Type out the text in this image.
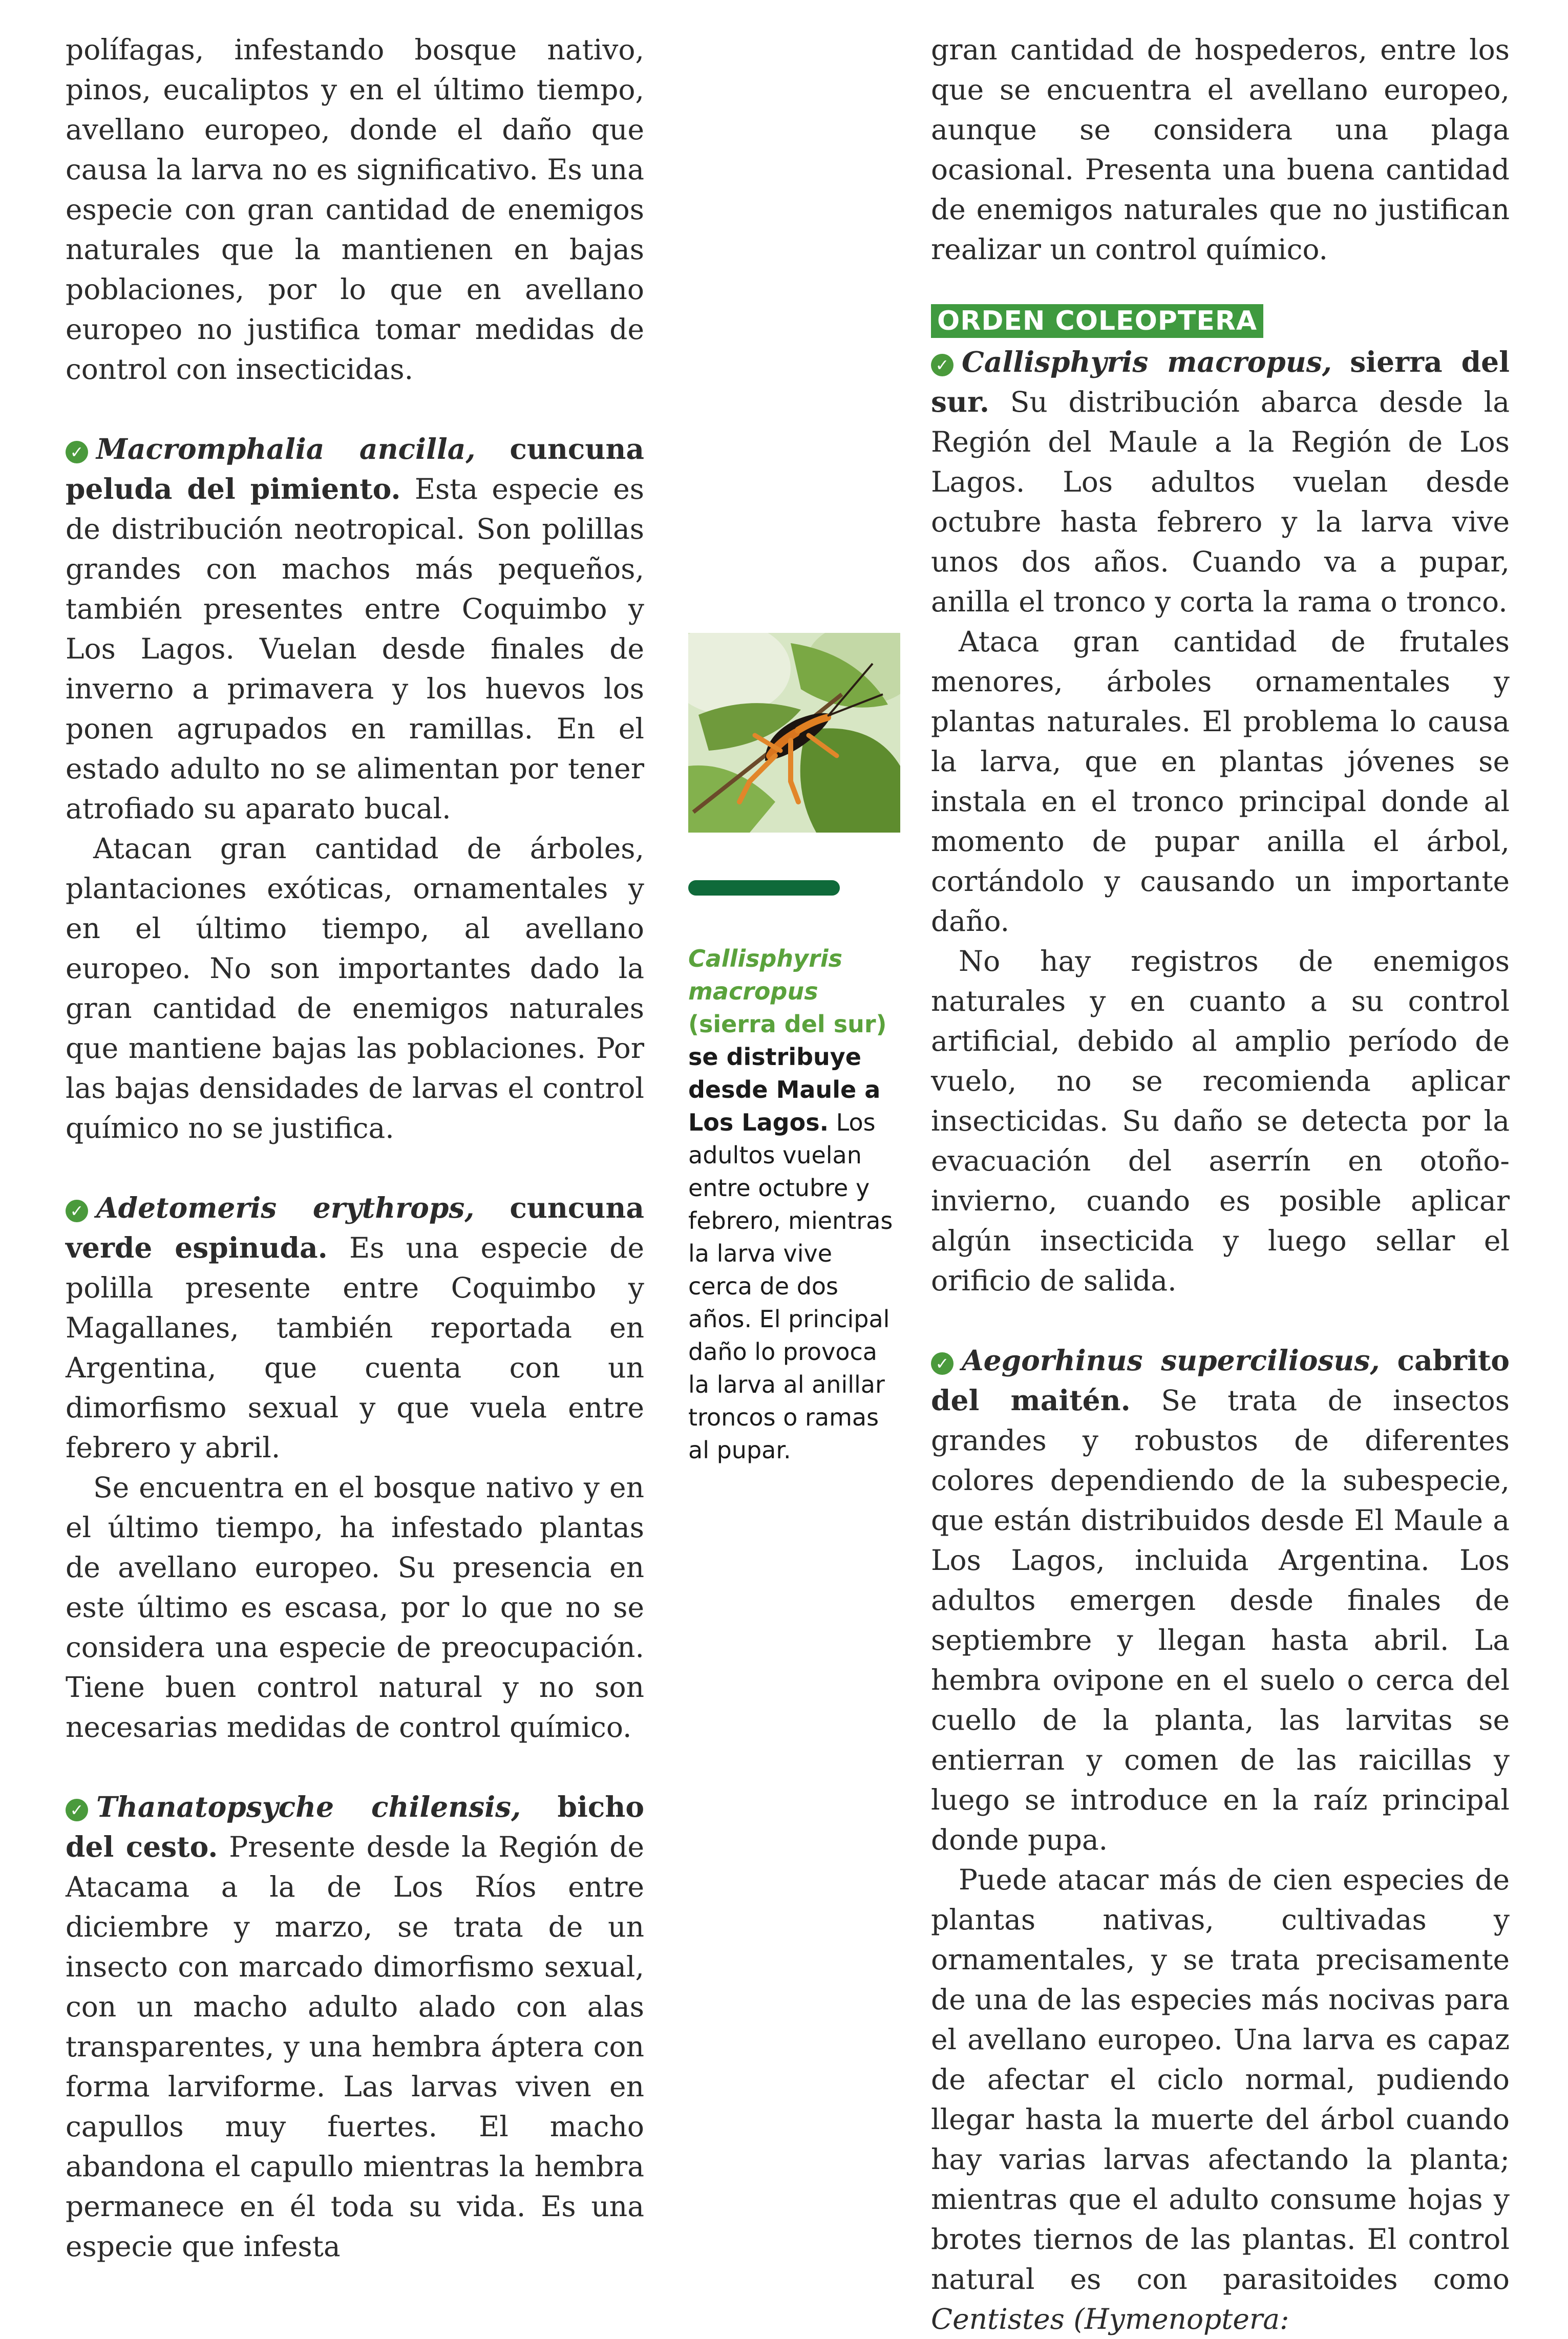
polífagas, infestando bosque nativo, pinos, eucaliptos y en el último tiempo, avellano europeo, donde el daño que causa la larva no es significativo. Es una especie con gran cantidad de enemigos naturales que la mantienen en bajas poblaciones, por lo que en avellano europeo no justifica tomar medidas de control con insecticidas.

✓ Macromphalia ancilla, cuncuna peluda del pimiento. Esta especie es de distribución neotropical. Son polillas grandes con machos más pequeños, también presentes entre Coquimbo y Los Lagos. Vuelan desde finales de inverno a primavera y los huevos los ponen agrupados en ramillas. En el estado adulto no se alimentan por tener atrofiado su aparato bucal.

Atacan gran cantidad de árboles, plantaciones exóticas, ornamentales y en el último tiempo, al avellano europeo. No son importantes dado la gran cantidad de enemigos naturales que mantiene bajas las poblaciones. Por las bajas densidades de larvas el control químico no se justifica.

✓ Adetomeris erythrops, cuncuna verde espinuda. Es una especie de polilla presente entre Coquimbo y Magallanes, también reportada en Argentina, que cuenta con un dimorfismo sexual y que vuela entre febrero y abril.

Se encuentra en el bosque nativo y en el último tiempo, ha infestado plantas de avellano europeo. Su presencia en este último es escasa, por lo que no se considera una especie de preocupación. Tiene buen control natural y no son necesarias medidas de control químico.

✓ Thanatopsyche chilensis, bicho del cesto. Presente desde la Región de Atacama a la de Los Ríos entre diciembre y marzo, se trata de un insecto con marcado dimorfismo sexual, con un macho adulto alado con alas transparentes, y una hembra áptera con forma larviforme. Las larvas viven en capullos muy fuertes. El macho abandona el capullo mientras la hembra permanece en él toda su vida. Es una especie que infesta

Callisphyris macropus (sierra del sur) se distribuye desde Maule a Los Lagos. Los adultos vuelan entre octubre y febrero, mientras la larva vive cerca de dos años. El principal daño lo provoca la larva al anillar troncos o ramas al pupar.

gran cantidad de hospederos, entre los que se encuentra el avellano europeo, aunque se considera una plaga ocasional. Presenta una buena cantidad de enemigos naturales que no justifican realizar un control químico.

ORDEN COLEOPTERA

✓ Callisphyris macropus, sierra del sur. Su distribución abarca desde la Región del Maule a la Región de Los Lagos. Los adultos vuelan desde octubre hasta febrero y la larva vive unos dos años. Cuando va a pupar, anilla el tronco y corta la rama o tronco.

Ataca gran cantidad de frutales menores, árboles ornamentales y plantas naturales. El problema lo causa la larva, que en plantas jóvenes se instala en el tronco principal donde al momento de pupar anilla el árbol, cortándolo y causando un importante daño.

No hay registros de enemigos naturales y en cuanto a su control artificial, debido al amplio período de vuelo, no se recomienda aplicar insecticidas. Su daño se detecta por la evacuación del aserrín en otoño-invierno, cuando es posible aplicar algún insecticida y luego sellar el orificio de salida.

✓ Aegorhinus superciliosus, cabrito del maitén. Se trata de insectos grandes y robustos de diferentes colores dependiendo de la subespecie, que están distribuidos desde El Maule a Los Lagos, incluida Argentina. Los adultos emergen desde finales de septiembre y llegan hasta abril. La hembra ovipone en el suelo o cerca del cuello de la planta, las larvitas se entierran y comen de las raicillas y luego se introduce en la raíz principal donde pupa.

Puede atacar más de cien especies de plantas nativas, cultivadas y ornamentales, y se trata precisamente de una de las especies más nocivas para el avellano europeo. Una larva es capaz de afectar el ciclo normal, pudiendo llegar hasta la muerte del árbol cuando hay varias larvas afectando la planta; mientras que el adulto consume hojas y brotes tiernos de las plantas. El control natural es con parasitoides como Centistes (Hymenoptera:
